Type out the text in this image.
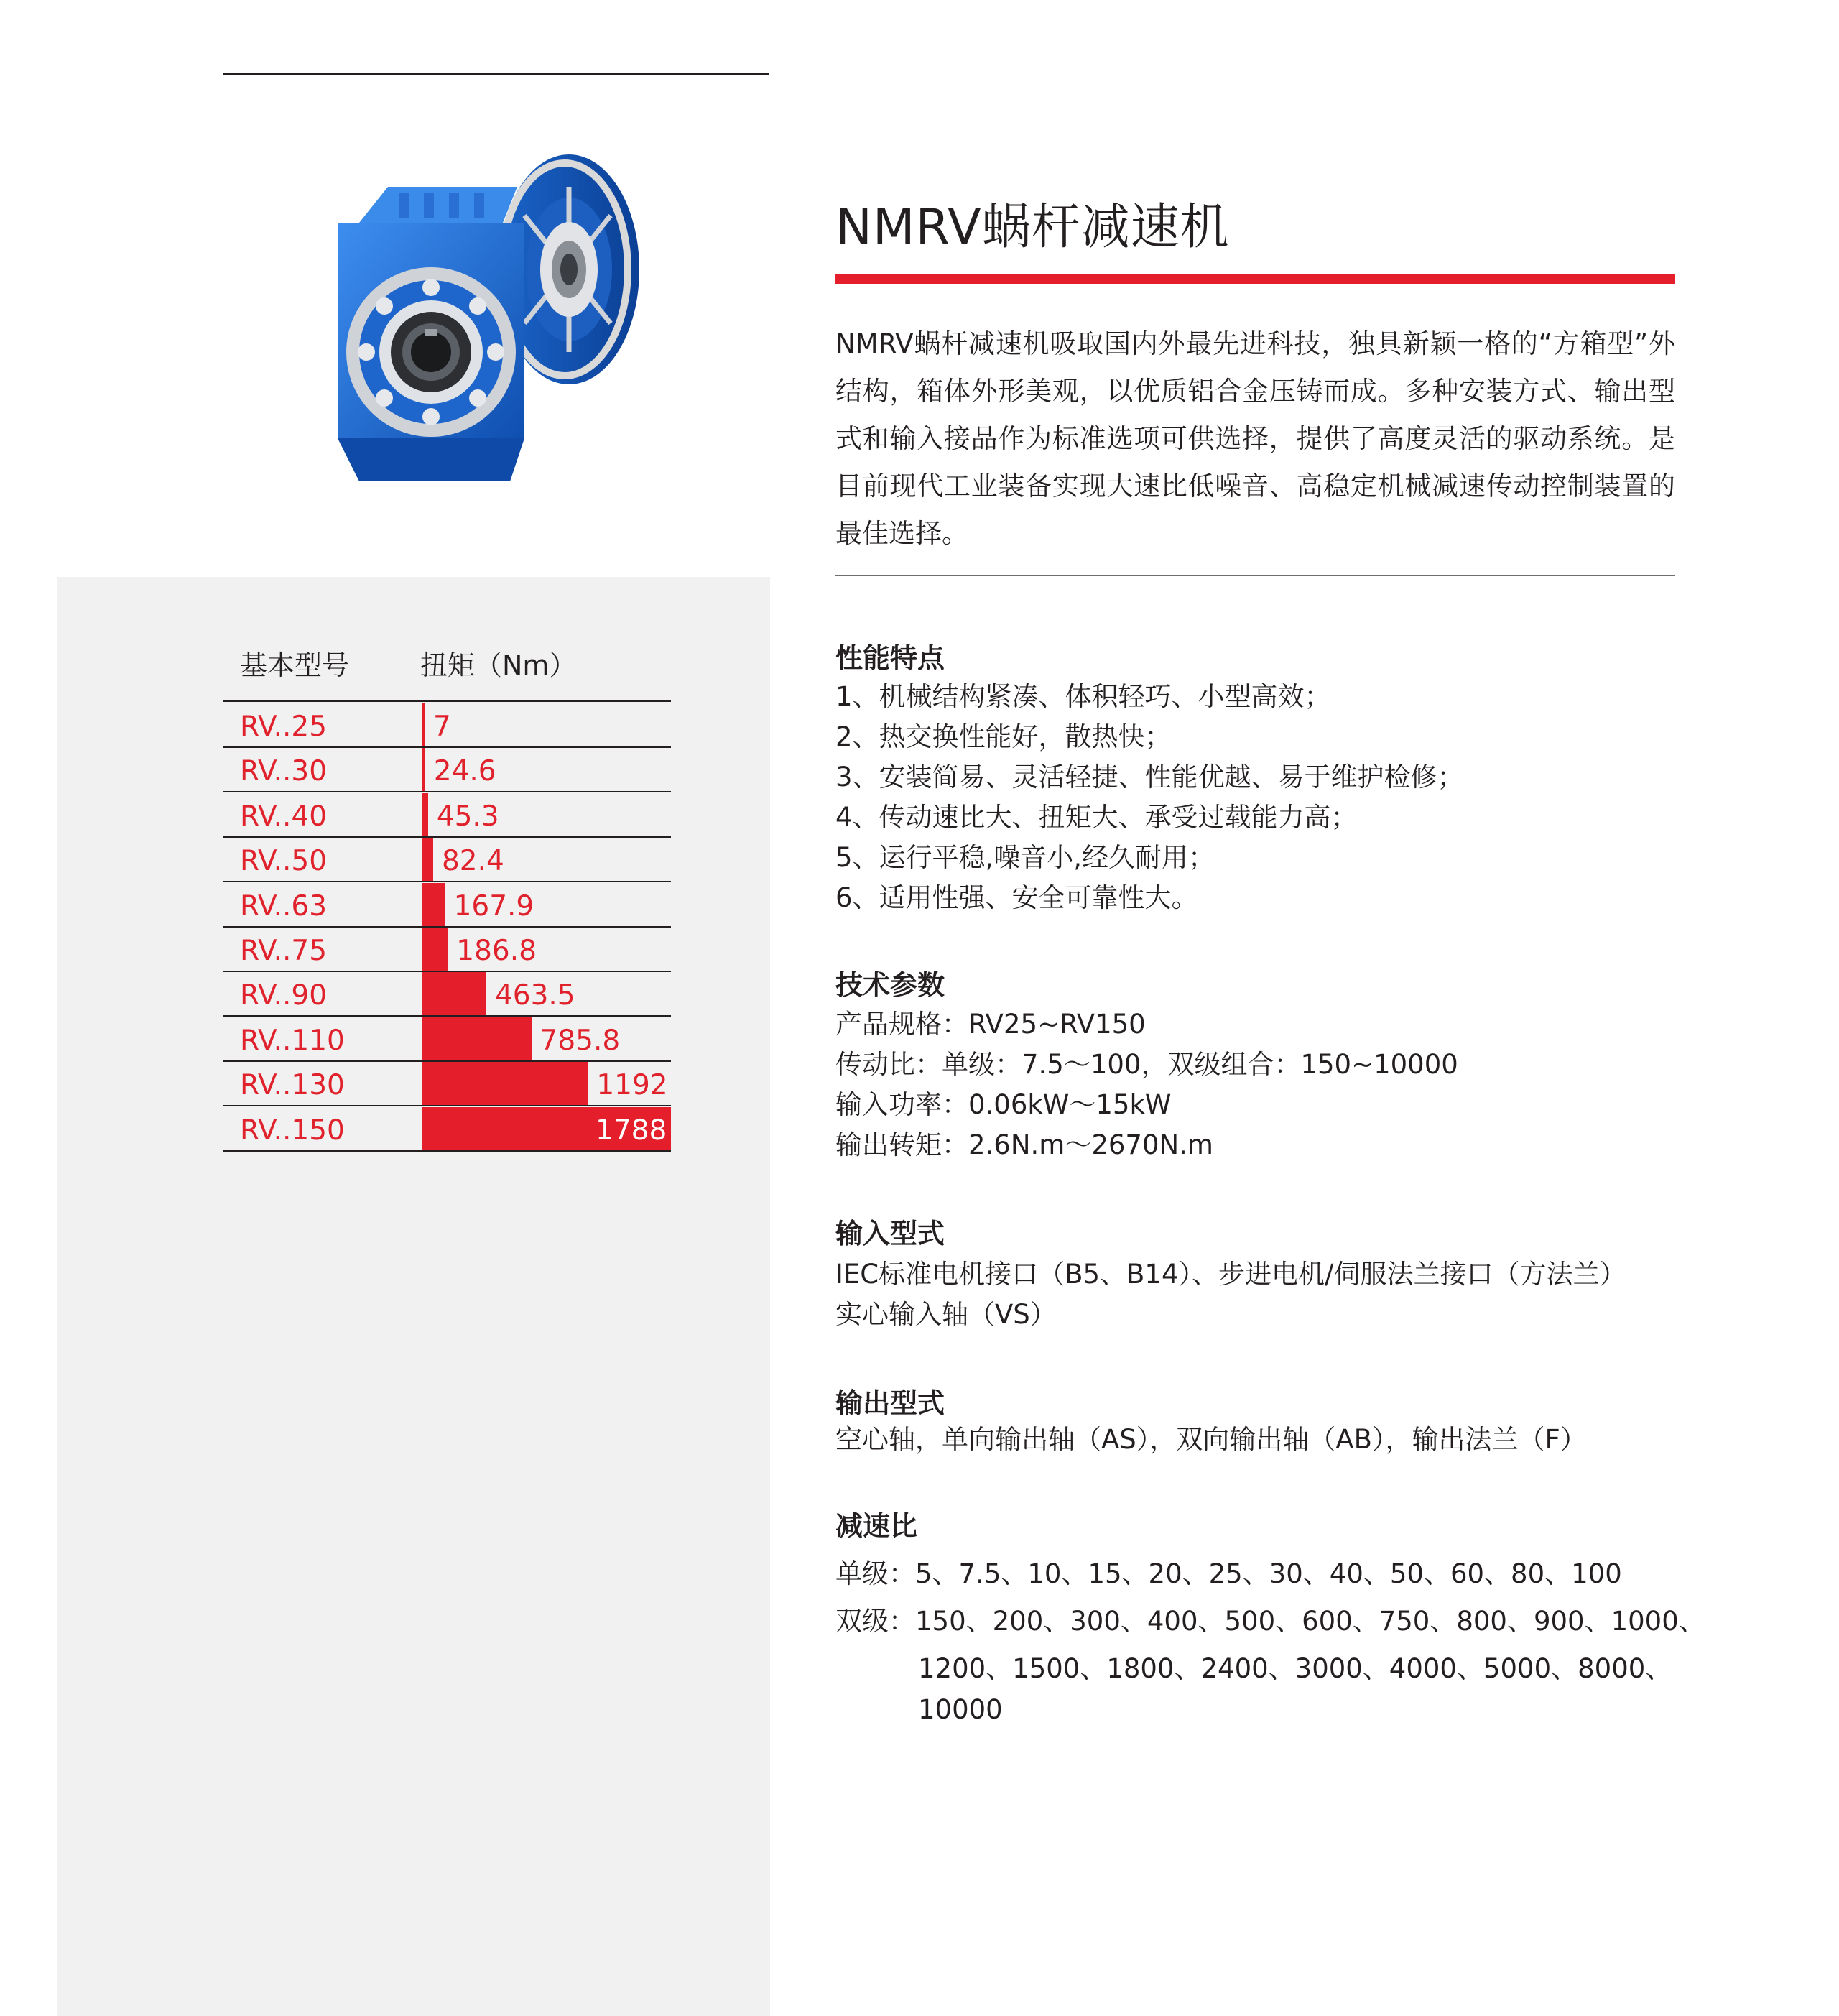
基本型号	扭矩（Nm）
RV..25	7
RV..30	24.6
RV..40	45.3
RV..50	82.4
RV..63	167.9
RV..75	186.8
RV..90	463.5
RV..110	785.8
RV..130	1192
RV..150	1788
NMRV蜗杆减速机

NMRV蜗杆减速机吸取国内外最先进科技，独具新颖一格的“方箱型”外结构，箱体外形美观，以优质铝合金压铸而成。多种安装方式、输出型式和输入接品作为标准选项可供选择，提供了高度灵活的驱动系统。是目前现代工业装备实现大速比低噪音、高稳定机械减速传动控制装置的最佳选择。

性能特点
1、机械结构紧凑、体积轻巧、小型高效；
2、热交换性能好，散热快；
3、安装简易、灵活轻捷、性能优越、易于维护检修；
4、传动速比大、扭矩大、承受过载能力高；
5、运行平稳,噪音小,经久耐用；
6、适用性强、安全可靠性大。
技术参数
产品规格：RV25~RV150
传动比：单级：7.5～100，双级组合：150~10000
输入功率：0.06kW～15kW
输出转矩：2.6N.m～2670N.m
输入型式
IEC标准电机接口（B5、B14）、步进电机/伺服法兰接口（方法兰）
实心输入轴（VS）
输出型式
空心轴，单向输出轴（AS），双向输出轴（AB），输出法兰（F）
减速比
单级：5、7.5、10、15、20、25、30、40、50、60、80、100
双级：150、200、300、400、500、600、750、800、900、1000、
1200、1500、1800、2400、3000、4000、5000、8000、
10000
